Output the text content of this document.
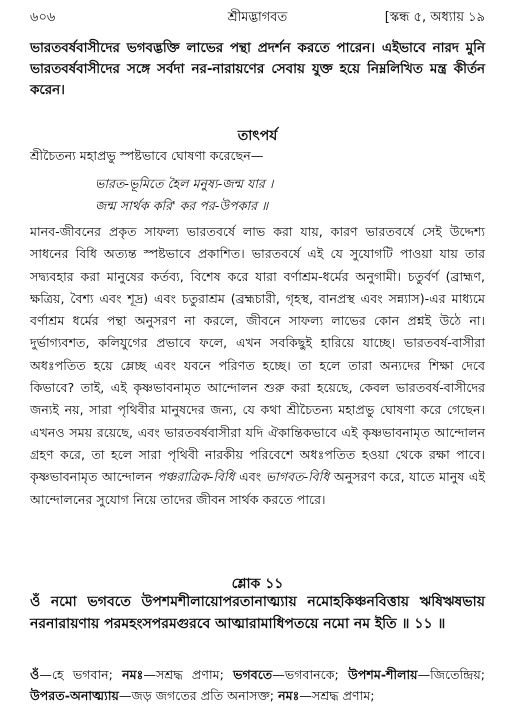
৬০৬	শ্রীমদ্ভাগবত	[স্কন্ধ ৫, অধ্যায় ১৯
ভারতবর্ষবাসীদের ভগবদ্ভক্তি লাভের পন্থা প্রদর্শন করতে পারেন। এইভাবে নারদ মুনি ভারতবর্ষবাসীদের সঙ্গে সর্বদা নর-নারায়ণের সেবায় যুক্ত হয়ে নিম্নলিখিত মন্ত্র কীর্তন করেন।
তাৎপর্য
শ্রীচৈতন্য মহাপ্রভু স্পষ্টভাবে ঘোষণা করেছেন—
ভারত-ভূমিতে হৈল মনুষ্য-জন্ম যার ।
জন্ম সার্থক করি' কর পর-উপকার ॥
মানব-জীবনের প্রকৃত সাফল্য ভারতবর্ষে লাভ করা যায়, কারণ ভারতবর্ষে সেই উদ্দেশ্য সাধনের বিধি অত্যন্ত স্পষ্টভাবে প্রকাশিত। ভারতবর্ষে এই যে সুযোগটি পাওয়া যায় তার সদ্ব্যবহার করা মানুষের কর্তব্য, বিশেষ করে যারা বর্ণাশ্রম-ধর্মের অনুগামী। চতুর্বর্ণ (ব্রাহ্মণ, ক্ষত্রিয়, বৈশ্য এবং শূদ্র) এবং চতুরাশ্রম (ব্রহ্মচারী, গৃহস্থ, বানপ্রস্থ এবং সন্ন্যাস)-এর মাধ্যমে বর্ণাশ্রম ধর্মের পন্থা অনুসরণ না করলে, জীবনে সাফল্য লাভের কোন প্রশ্নই উঠে না। দুর্ভাগ্যবশত, কলিযুগের প্রভাবে ফলে, এখন সবকিছুই হারিয়ে যাচ্ছে। ভারতবর্ষ-বাসীরা অধঃপতিত হয়ে ম্লেচ্ছ এবং যবনে পরিণত হচ্ছে। তা হলে তারা অন্যদের শিক্ষা দেবে কিভাবে? তাই, এই কৃষ্ণভাবনামৃত আন্দোলন শুরু করা হয়েছে, কেবল ভারতবর্ষ-বাসীদের জন্যই নয়, সারা পৃথিবীর মানুষদের জন্য, যে কথা শ্রীচৈতন্য মহাপ্রভু ঘোষণা করে গেছেন। এখনও সময় রয়েছে, এবং ভারতবর্ষবাসীরা যদি ঐকান্তিকভাবে এই কৃষ্ণভাবনামৃত আন্দোলন গ্রহণ করে, তা হলে সারা পৃথিবী নারকীয় পরিবেশে অধঃপতিত হওয়া থেকে রক্ষা পাবে। কৃষ্ণভাবনামৃত আন্দোলন পঞ্চরাত্রিক-বিধি এবং ভাগবত-বিধি অনুসরণ করে, যাতে মানুষ এই আন্দোলনের সুযোগ নিয়ে তাদের জীবন সার্থক করতে পারে।
শ্লোক ১১
ওঁ নমো ভগবতে উপশমশীলায়োপরতানাত্ম্যায় নমোহকিঞ্চনবিত্তায় ঋষিঋষভায় নরনারায়ণায় পরমহংসপরমগুরবে আত্মারামাধিপতয়ে নমো নম ইতি ॥ ১১ ॥
ওঁ—হে ভগবান; নমঃ—সশ্রদ্ধ প্রণাম; ভগবতে—ভগবানকে; উপশম-শীলায়—জিতেন্দ্রিয়; উপরত-অনাত্ম্যায়—জড় জগতের প্রতি অনাসক্ত; নমঃ—সশ্রদ্ধ প্রণাম;
